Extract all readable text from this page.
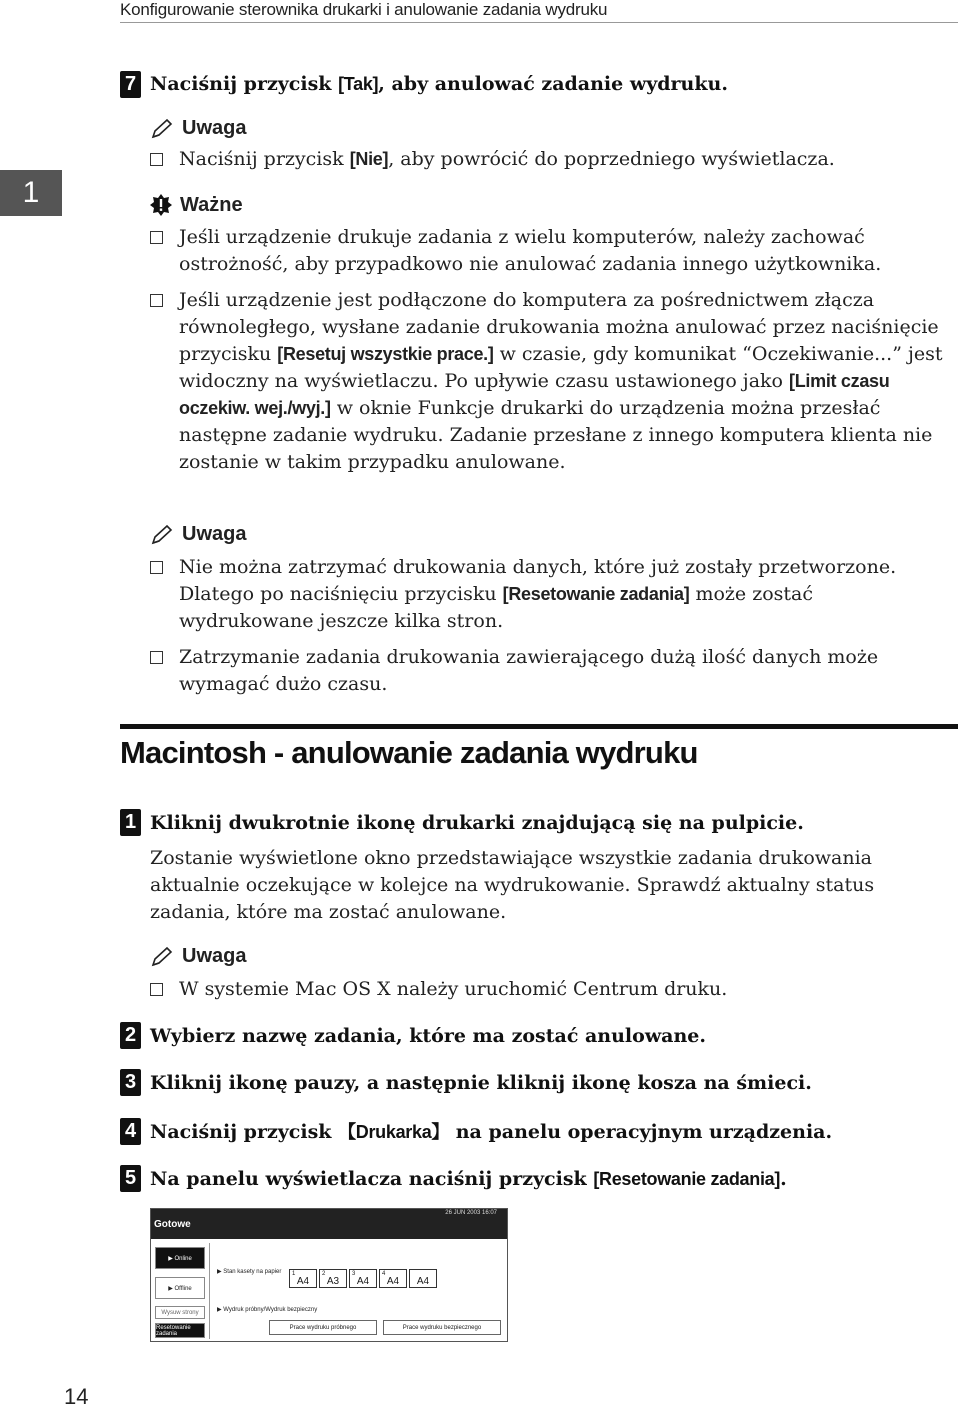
Konfigurowanie sterownika drukarki i anulowanie zadania wydruku
1
7 Naciśnij przycisk [Tak], aby anulować zadanie wydruku.
Uwaga
Naciśnij przycisk [Nie], aby powrócić do poprzedniego wyświetlacza.
Ważne
Jeśli urządzenie drukuje zadania z wielu komputerów, należy zachować ostrożność, aby przypadkowo nie anulować zadania innego użytkownika.
Jeśli urządzenie jest podłączone do komputera za pośrednictwem złącza równoległego, wysłane zadanie drukowania można anulować przez naciśnięcie przycisku [Resetuj wszystkie prace.] w czasie, gdy komunikat “Oczekiwanie...” jest widoczny na wyświetlaczu. Po upływie czasu ustawionego jako [Limit czasu oczekiw. wej./wyj.] w oknie Funkcje drukarki do urządzenia można przesłać następne zadanie wydruku. Zadanie przesłane z innego komputera klienta nie zostanie w takim przypadku anulowane.
Uwaga
Nie można zatrzymać drukowania danych, które już zostały przetworzone. Dlatego po naciśnięciu przycisku [Resetowanie zadania] może zostać wydrukowane jeszcze kilka stron.
Zatrzymanie zadania drukowania zawierającego dużą ilość danych może wymagać dużo czasu.
Macintosh - anulowanie zadania wydruku
1 Kliknij dwukrotnie ikonę drukarki znajdującą się na pulpicie.
Zostanie wyświetlone okno przedstawiające wszystkie zadania drukowania aktualnie oczekujące w kolejce na wydrukowanie. Sprawdź aktualny status zadania, które ma zostać anulowane.
Uwaga
W systemie Mac OS X należy uruchomić Centrum druku.
2 Wybierz nazwę zadania, które ma zostać anulowane.
3 Kliknij ikonę pauzy, a następnie kliknij ikonę kosza na śmieci.
4 Naciśnij przycisk 【Drukarka】 na panelu operacyjnym urządzenia.
5 Na panelu wyświetlacza naciśnij przycisk [Resetowanie zadania].
Gotowe
26 JUN 2003 16:07
▶ Online
▶ Offline
Wysuw strony
Resetowanie zadania
▶ Stan kasety na papier 1
A4
2
A3
3
A4
4
A4 A4
▶ Wydruk próbny/Wydruk bezpieczny
Prace wydruku próbnego	Prace wydruku bezpiecznego
14
